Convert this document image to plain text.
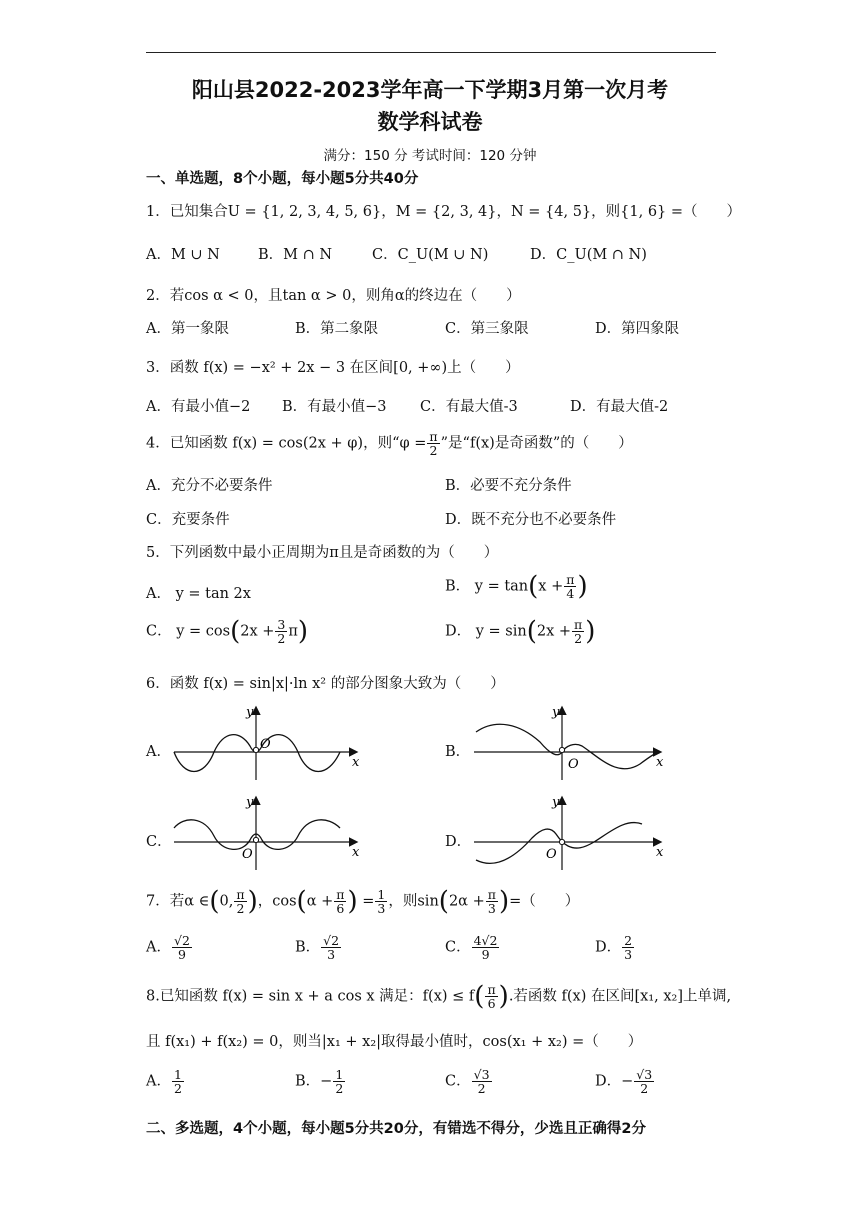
阳山县2022-2023学年高一下学期3月第一次月考
数学科试卷
满分：150 分 考试时间：120 分钟
一、单选题，8个小题，每小题5分共40分
1．已知集合U = {1, 2, 3, 4, 5, 6}，M = {2, 3, 4}，N = {4, 5}，则{1, 6} =（　　）
A．M ∪ N	B．M ∩ N	C．C_U(M ∪ N)	D．C_U(M ∩ N)
2．若cos α < 0，且tan α > 0，则角α的终边在（　　）
A．第一象限	B．第二象限	C．第三象限	D．第四象限
3．函数 f(x) = −x² + 2x − 3 在区间[0, +∞)上（　　）
A．有最小值−2 B．有最小值−3 C．有最大值-3	D．有最大值-2
4．已知函数 f(x) = cos(2x + φ)，则“$\varphi = \frac{\pi}{2}$ ”是“f(x)是奇函数”的（　　）
A．充分不必要条件	B．必要不充分条件
C．充要条件	D．既不充分也不必要条件
5．下列函数中最小正周期为π且是奇函数的为（　　）
A． y = tan 2x	B． $y = \tan(x + \frac{\pi}{4}$ )
C． $y = \cos(2x + \frac{3}{2} \pi)$	D． $y = \sin(2x + \frac{\pi}{2}$ )
6．函数 f(x) = sin|x|·ln x² 的部分图象大致为（　　）
A．
y
x
O	B．
y
x
O
C．
y
x
O
D．
y
x
O
7．若α ∈(0, $\frac{\pi}{2}$ )，$\cos(\alpha + \frac{\pi}{6}$ ) = $\frac{1}{3}$ ，则$\sin(2\alpha + \frac{\pi}{3}$ )=（　　）
A． $\frac{√2}{9}$	B． $\frac{√2}{3}$	C． $\frac{4√2}{9}$	D． $\frac{2}{3}$
8.已知函数 f(x) = sin x + a cos x 满足：$f(x) \le f( \frac{\pi}{6}$ ).若函数 f(x) 在区间[x₁, x₂]上单调,
且 f(x₁) + f(x₂) = 0，则当|x₁ + x₂|取得最小值时，cos(x₁ + x₂) =（　　）
A． $\frac{1}{2}$	B．− $\frac{1}{2}$	C． $\frac{√3}{2}$	D．− $\frac{√3}{2}$
二、多选题，4个小题，每小题5分共20分，有错选不得分，少选且正确得2分
